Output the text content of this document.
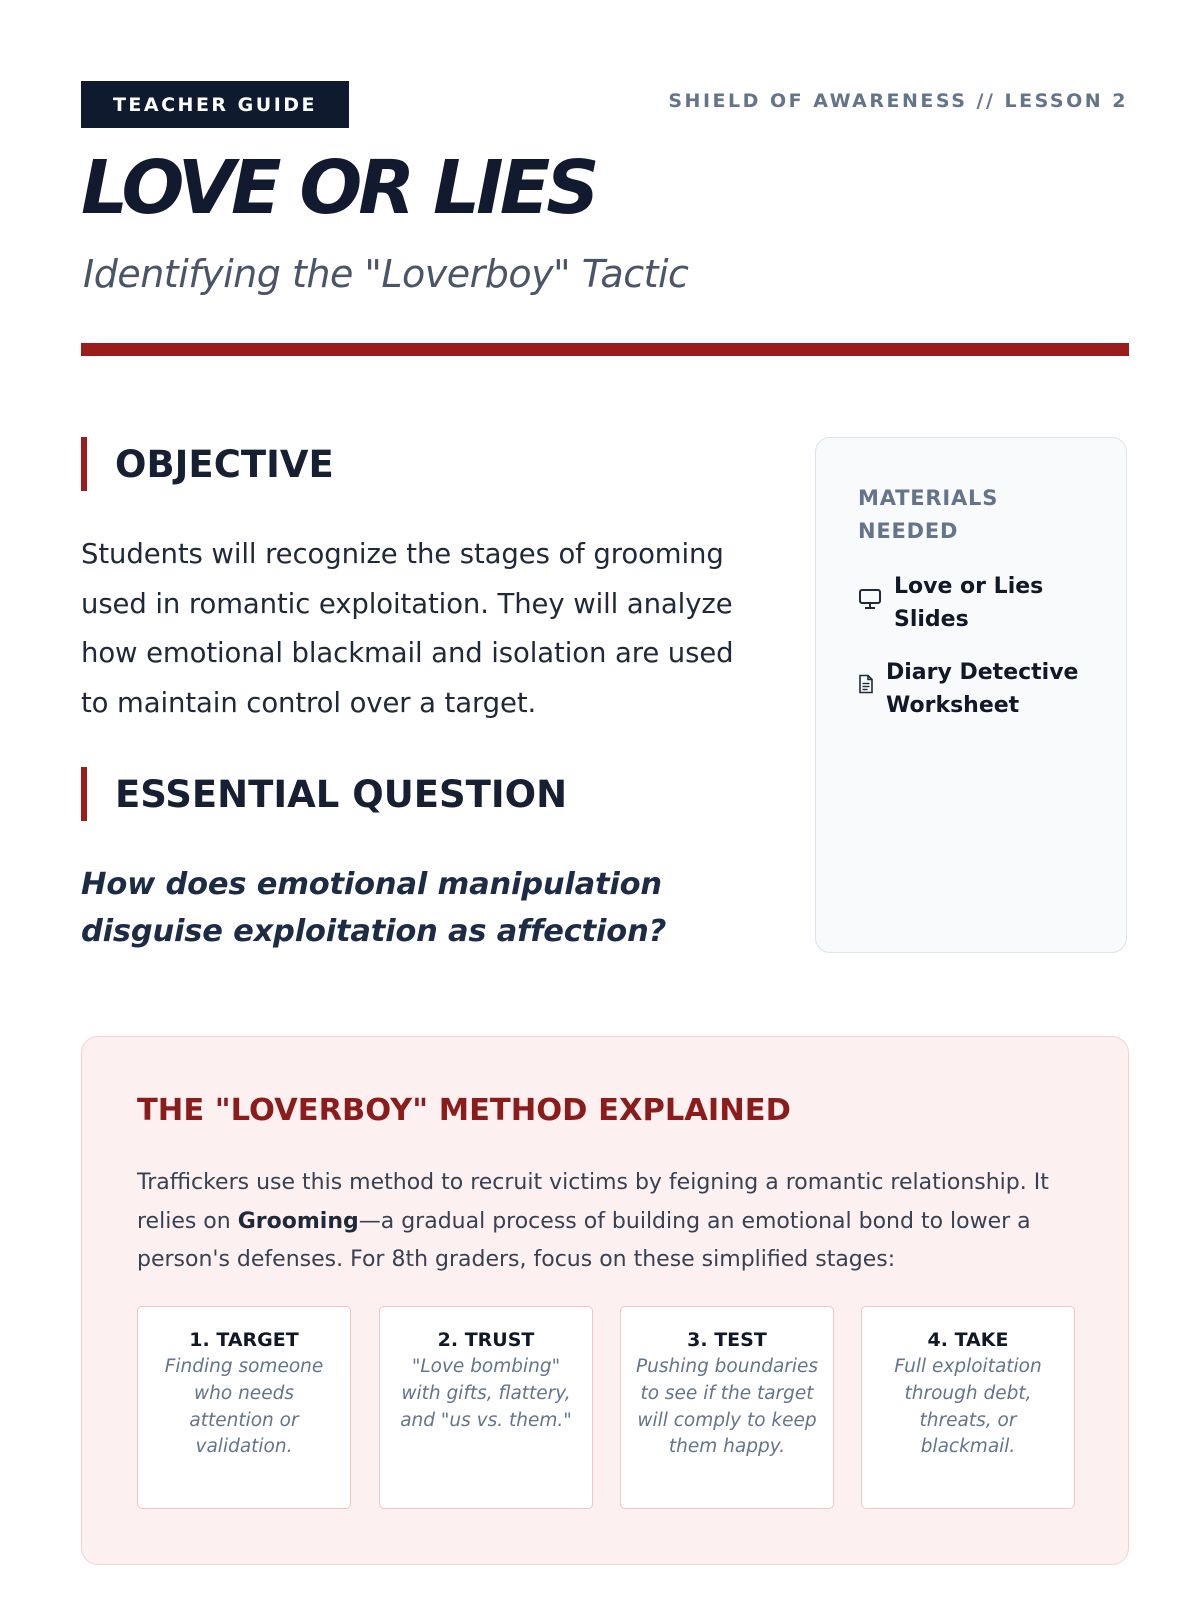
TEACHER GUIDE	SHIELD OF AWARENESS // LESSON 2
LOVE OR LIES
Identifying the "Loverboy" Tactic
OBJECTIVE
Students will recognize the stages of grooming used in romantic exploitation. They will analyze how emotional blackmail and isolation are used to maintain control over a target.
ESSENTIAL QUESTION
How does emotional manipulation disguise exploitation as affection?
MATERIALS NEEDED
Love or Lies Slides
Diary Detective Worksheet
THE "LOVERBOY" METHOD EXPLAINED
Traffickers use this method to recruit victims by feigning a romantic relationship. It relies on Grooming—a gradual process of building an emotional bond to lower a person's defenses. For 8th graders, focus on these simplified stages:
1. TARGET
Finding someone who needs attention or validation.
2. TRUST
"Love bombing" with gifts, flattery, and "us vs. them."
3. TEST
Pushing boundaries to see if the target will comply to keep them happy.
4. TAKE
Full exploitation through debt, threats, or blackmail.
